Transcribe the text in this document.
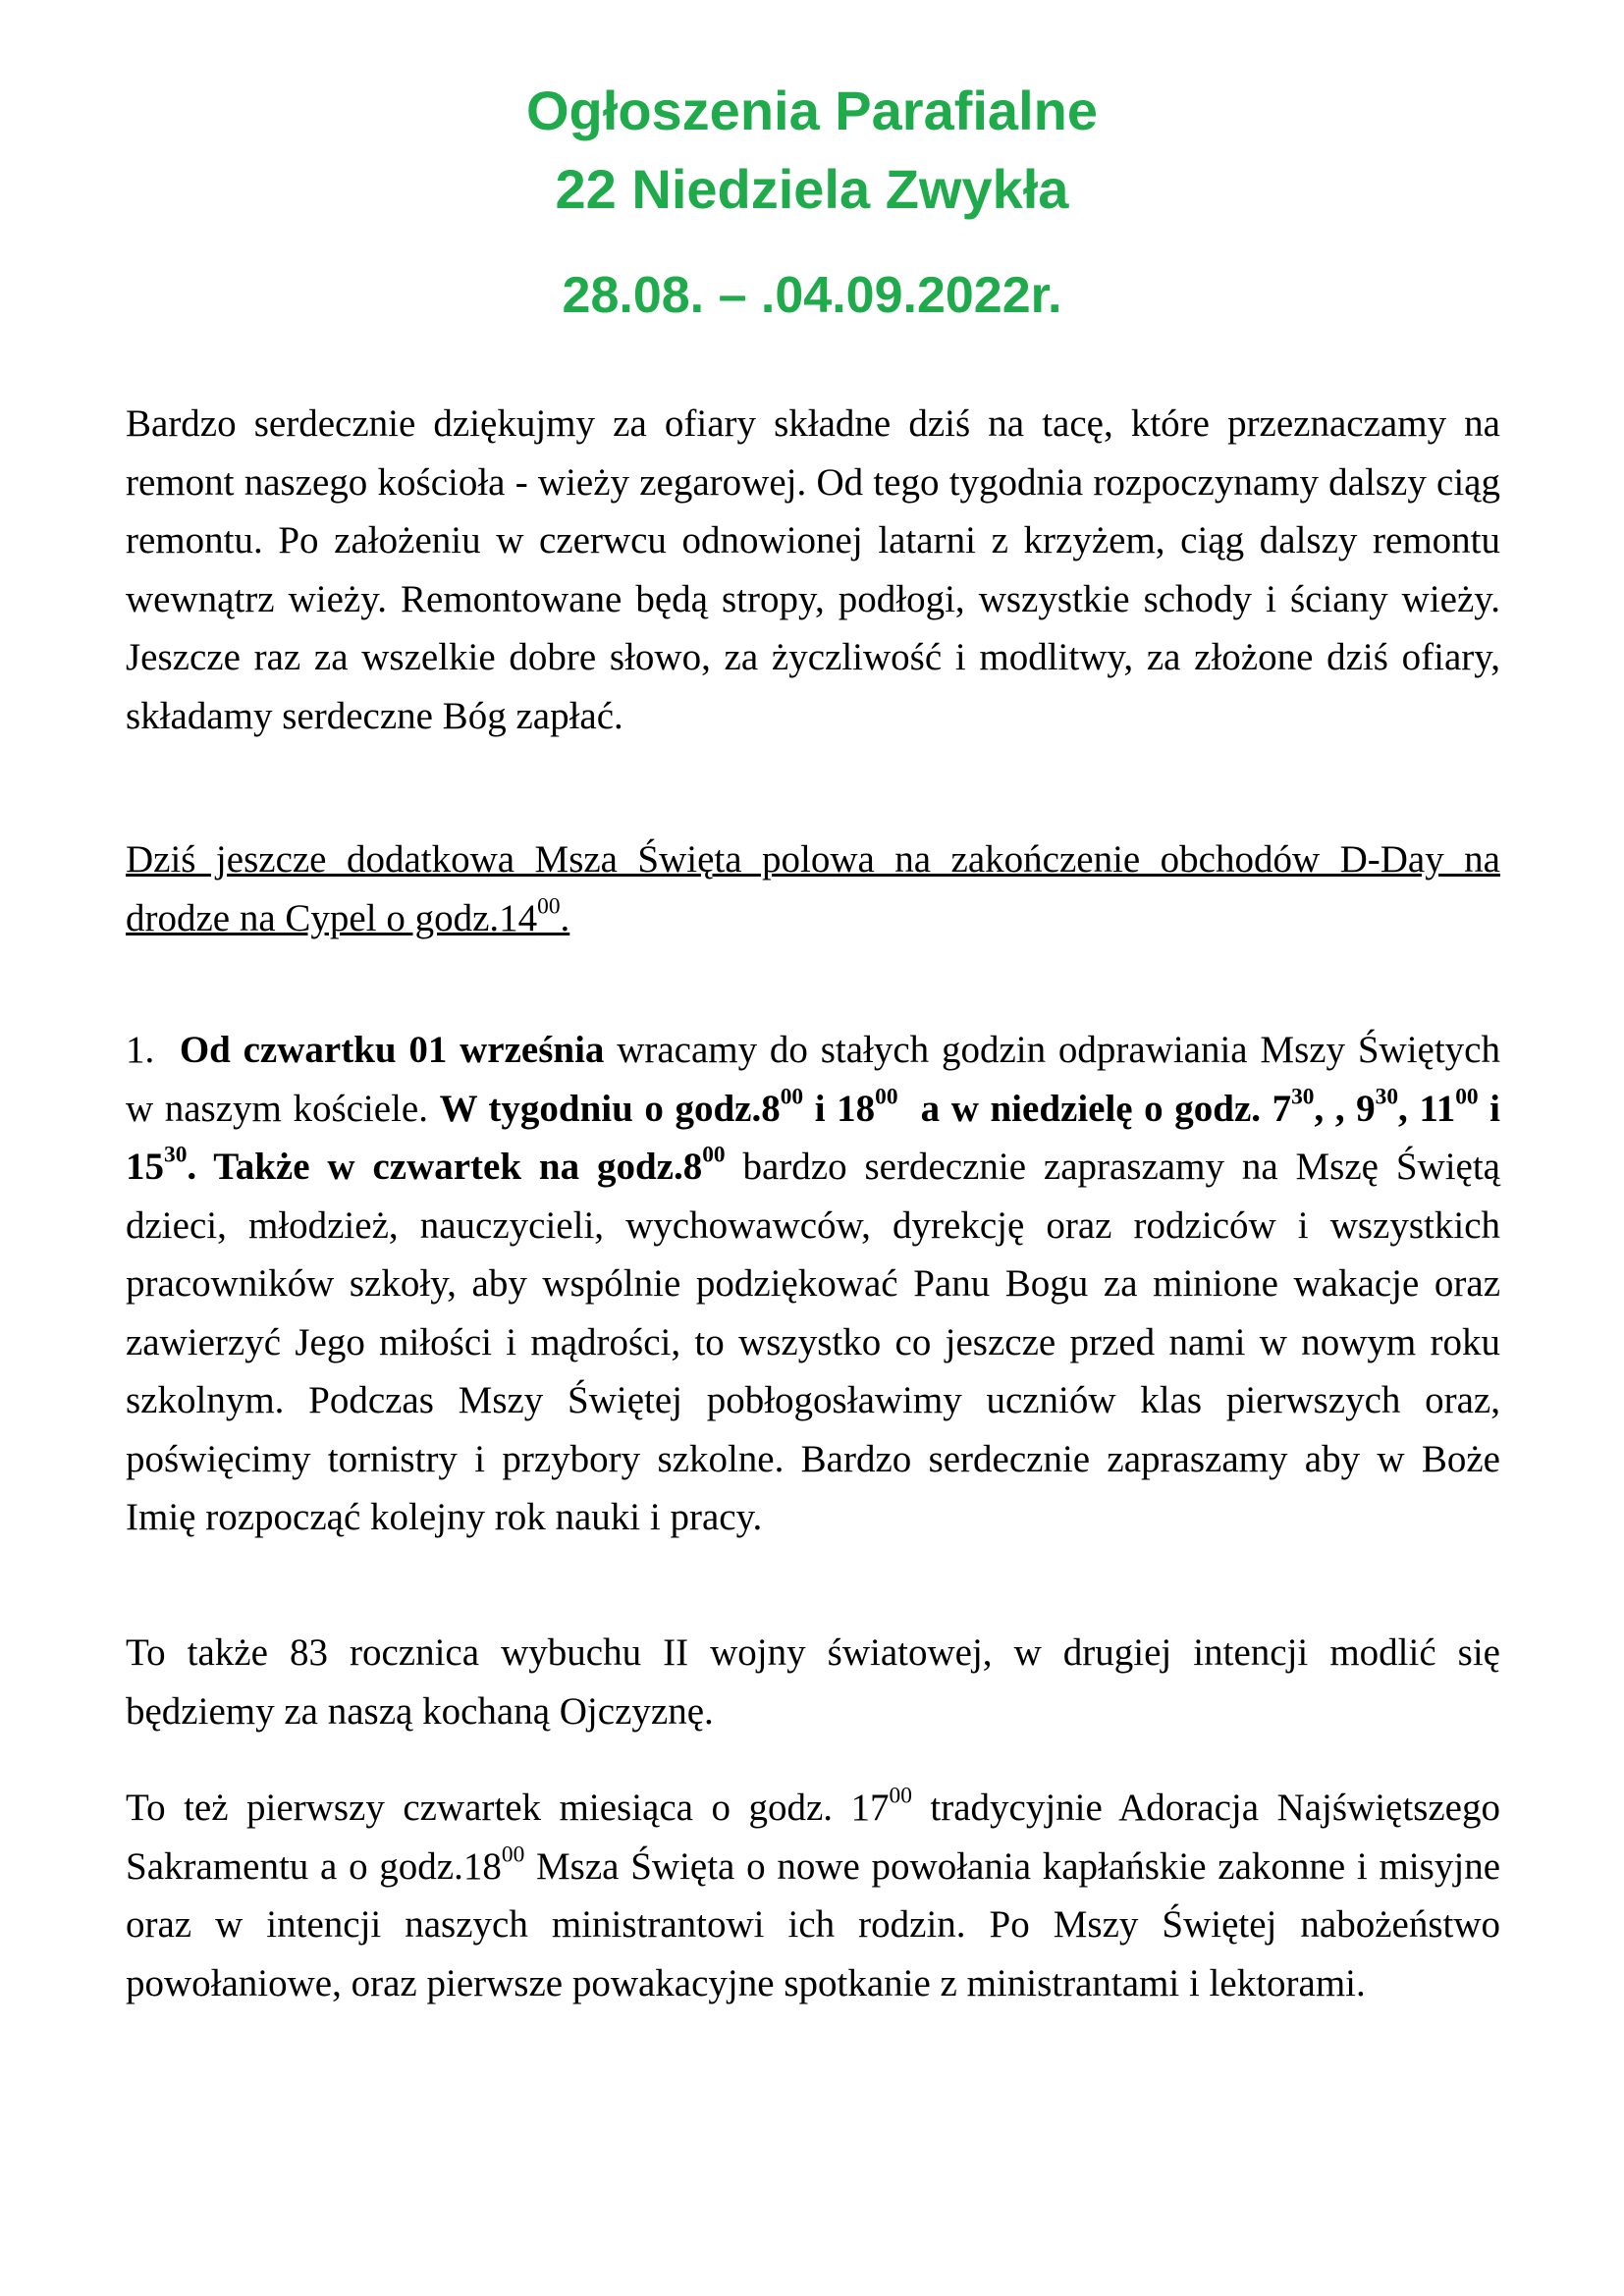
Ogłoszenia Parafialne
22 Niedziela Zwykła
28.08. – .04.09.2022r.

Bardzo serdecznie dziękujmy za ofiary składne dziś na tacę, które przeznaczamy na remont naszego kościoła - wieży zegarowej. Od tego tygodnia rozpoczynamy dalszy ciąg remontu. Po założeniu w czerwcu odnowionej latarni z krzyżem, ciąg dalszy remontu wewnątrz wieży. Remontowane będą stropy, podłogi, wszystkie schody i ściany wieży. Jeszcze raz za wszelkie dobre słowo, za życzliwość i modlitwy, za złożone dziś ofiary, składamy serdeczne Bóg zapłać.

Dziś jeszcze dodatkowa Msza Święta polowa na zakończenie obchodów D-Day na drodze na Cypel o $godz.14^{00}$.

1.  Od czwartku 01 września wracamy do stałych godzin odprawiania Mszy Świętych w naszym kościele. W tygodniu o $godz.8^{00}$ i $18^{00}$  a w niedzielę o godz. $7^{30}$, , $9^{30}$, $11^{00}$ i $15^{30}$. Także w czwartek na $godz.8^{00}$ bardzo serdecznie zapraszamy na Mszę Świętą dzieci, młodzież, nauczycieli, wychowawców, dyrekcję oraz rodziców i wszystkich pracowników szkoły, aby wspólnie podziękować Panu Bogu za minione wakacje oraz zawierzyć Jego miłości i mądrości, to wszystko co jeszcze przed nami w nowym roku szkolnym. Podczas Mszy Świętej pobłogosławimy uczniów klas pierwszych oraz, poświęcimy tornistry i przybory szkolne. Bardzo serdecznie zapraszamy aby w Boże Imię rozpocząć kolejny rok nauki i pracy.

To także 83 rocznica wybuchu II wojny światowej, w drugiej intencji modlić się będziemy za naszą kochaną Ojczyznę.

To też pierwszy czwartek miesiąca o godz. $17^{00}$ tradycyjnie Adoracja Najświętszego Sakramentu a o $godz.18^{00}$ Msza Święta o nowe powołania kapłańskie zakonne i misyjne oraz w intencji naszych ministrantowi ich rodzin. Po Mszy Świętej nabożeństwo powołaniowe, oraz pierwsze powakacyjne spotkanie z ministrantami i lektorami.
